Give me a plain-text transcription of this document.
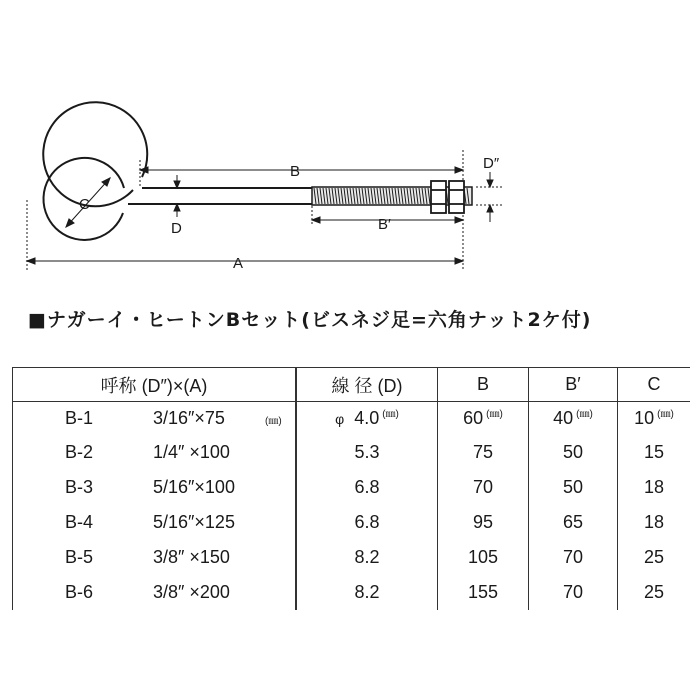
B	D″
C
D	B′
A
■ナガーイ・ヒートンBセット(ビスネジ足=六角ナット2ケ付)
呼称 (D″)×(A)	線 径 (D)	B	B′	C

B-1 3/16″×75 (㎜)	φ 4.0 (㎜)	60 (㎜)	40 (㎜)	10 (㎜)

B-2 1/4″ ×100	5.3	75	50	15

B-3 5/16″×100	6.8	70	50	18

B-4 5/16″×125	6.8	95	65	18

B-5 3/8″ ×150	8.2	105	70	25

B-6 3/8″ ×200	8.2	155	70	25
